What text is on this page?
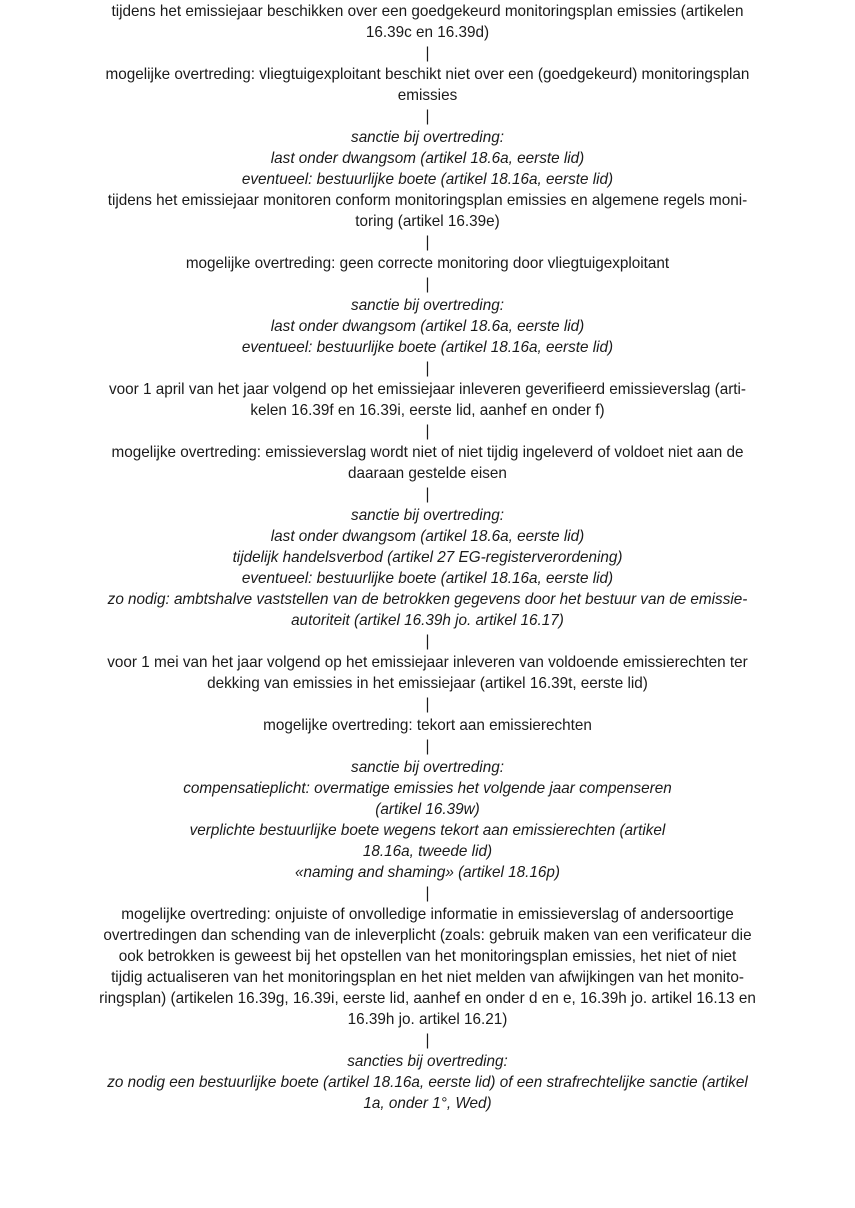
tijdens het emissiejaar beschikken over een goedgekeurd monitoringsplan emissies (artikelen
16.39c en 16.39d)
|
mogelijke overtreding: vliegtuigexploitant beschikt niet over een (goedgekeurd) monitoringsplan
emissies
|
sanctie bij overtreding:
last onder dwangsom (artikel 18.6a, eerste lid)
eventueel: bestuurlijke boete (artikel 18.16a, eerste lid)
tijdens het emissiejaar monitoren conform monitoringsplan emissies en algemene regels moni-
toring (artikel 16.39e)
|
mogelijke overtreding: geen correcte monitoring door vliegtuigexploitant
|
sanctie bij overtreding:
last onder dwangsom (artikel 18.6a, eerste lid)
eventueel: bestuurlijke boete (artikel 18.16a, eerste lid)
|
voor 1 april van het jaar volgend op het emissiejaar inleveren geverifieerd emissieverslag (arti-
kelen 16.39f en 16.39i, eerste lid, aanhef en onder f)
|
mogelijke overtreding: emissieverslag wordt niet of niet tijdig ingeleverd of voldoet niet aan de
daaraan gestelde eisen
|
sanctie bij overtreding:
last onder dwangsom (artikel 18.6a, eerste lid)
tijdelijk handelsverbod (artikel 27 EG-registerverordening)
eventueel: bestuurlijke boete (artikel 18.16a, eerste lid)
zo nodig: ambtshalve vaststellen van de betrokken gegevens door het bestuur van de emissie-
autoriteit (artikel 16.39h jo. artikel 16.17)
|
voor 1 mei van het jaar volgend op het emissiejaar inleveren van voldoende emissierechten ter
dekking van emissies in het emissiejaar (artikel 16.39t, eerste lid)
|
mogelijke overtreding: tekort aan emissierechten
|
sanctie bij overtreding:
compensatieplicht: overmatige emissies het volgende jaar compenseren
(artikel 16.39w)
verplichte bestuurlijke boete wegens tekort aan emissierechten (artikel
18.16a, tweede lid)
«naming and shaming» (artikel 18.16p)
|
mogelijke overtreding: onjuiste of onvolledige informatie in emissieverslag of andersoortige
overtredingen dan schending van de inleverplicht (zoals: gebruik maken van een verificateur die
ook betrokken is geweest bij het opstellen van het monitoringsplan emissies, het niet of niet
tijdig actualiseren van het monitoringsplan en het niet melden van afwijkingen van het monito-
ringsplan) (artikelen 16.39g, 16.39i, eerste lid, aanhef en onder d en e, 16.39h jo. artikel 16.13 en
16.39h jo. artikel 16.21)
|
sancties bij overtreding:
zo nodig een bestuurlijke boete (artikel 18.16a, eerste lid) of een strafrechtelijke sanctie (artikel
1a, onder 1°, Wed)
